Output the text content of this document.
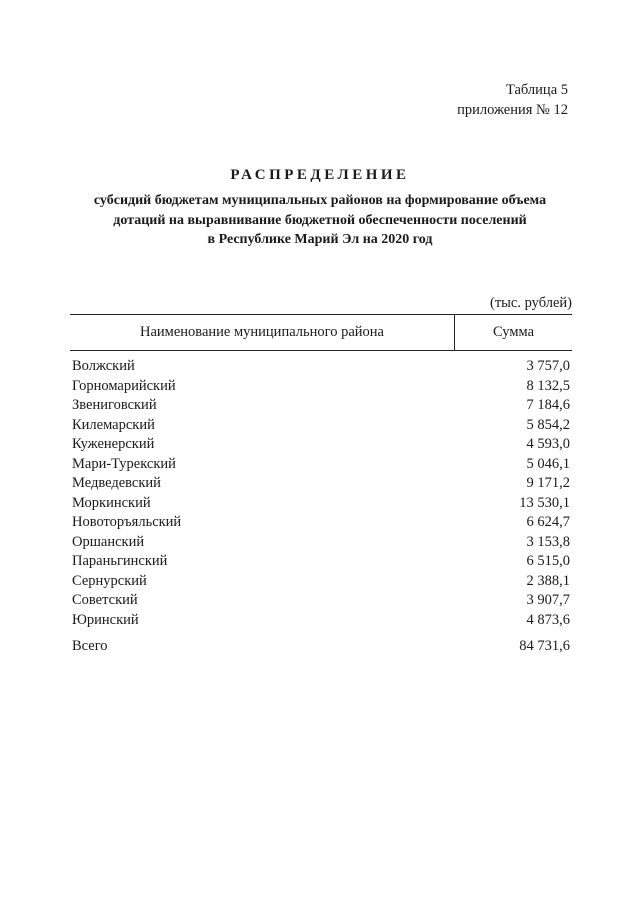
Таблица 5
приложения № 12
РАСПРЕДЕЛЕНИЕ
субсидий бюджетам муниципальных районов на формирование объема
дотаций на выравнивание бюджетной обеспеченности поселений
в Республике Марий Эл на 2020 год
(тыс. рублей)
Наименование муниципального района	Сумма
Волжский	3 757,0
Горномарийский	8 132,5
Звениговский	7 184,6
Килемарский	5 854,2
Куженерский	4 593,0
Мари-Турекский	5 046,1
Медведевский	9 171,2
Моркинский	13 530,1
Новоторъяльский	6 624,7
Оршанский	3 153,8
Параньгинский	6 515,0
Сернурский	2 388,1
Советский	3 907,7
Юринский	4 873,6
Всего	84 731,6
